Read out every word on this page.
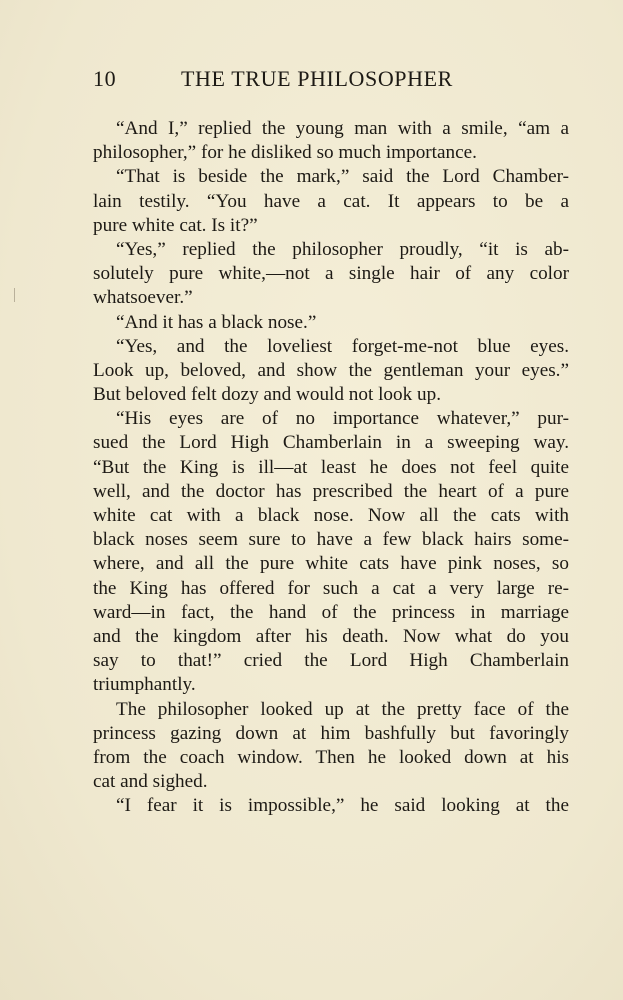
10	THE TRUE PHILOSOPHER
“And I,” replied the young man with a smile, “am a
philosopher,” for he disliked so much importance.
“That is beside the mark,” said the Lord Chamber-
lain testily. “You have a cat. It appears to be a
pure white cat. Is it?”
“Yes,” replied the philosopher proudly, “it is ab-
solutely pure white,—not a single hair of any color
whatsoever.”
“And it has a black nose.”
“Yes, and the loveliest forget-me-not blue eyes.
Look up, beloved, and show the gentleman your eyes.”
But beloved felt dozy and would not look up.
“His eyes are of no importance whatever,” pur-
sued the Lord High Chamberlain in a sweeping way.
“But the King is ill—at least he does not feel quite
well, and the doctor has prescribed the heart of a pure
white cat with a black nose. Now all the cats with
black noses seem sure to have a few black hairs some-
where, and all the pure white cats have pink noses, so
the King has offered for such a cat a very large re-
ward—in fact, the hand of the princess in marriage
and the kingdom after his death. Now what do you
say to that!” cried the Lord High Chamberlain
triumphantly.
The philosopher looked up at the pretty face of the
princess gazing down at him bashfully but favoringly
from the coach window. Then he looked down at his
cat and sighed.
“I fear it is impossible,” he said looking at the
